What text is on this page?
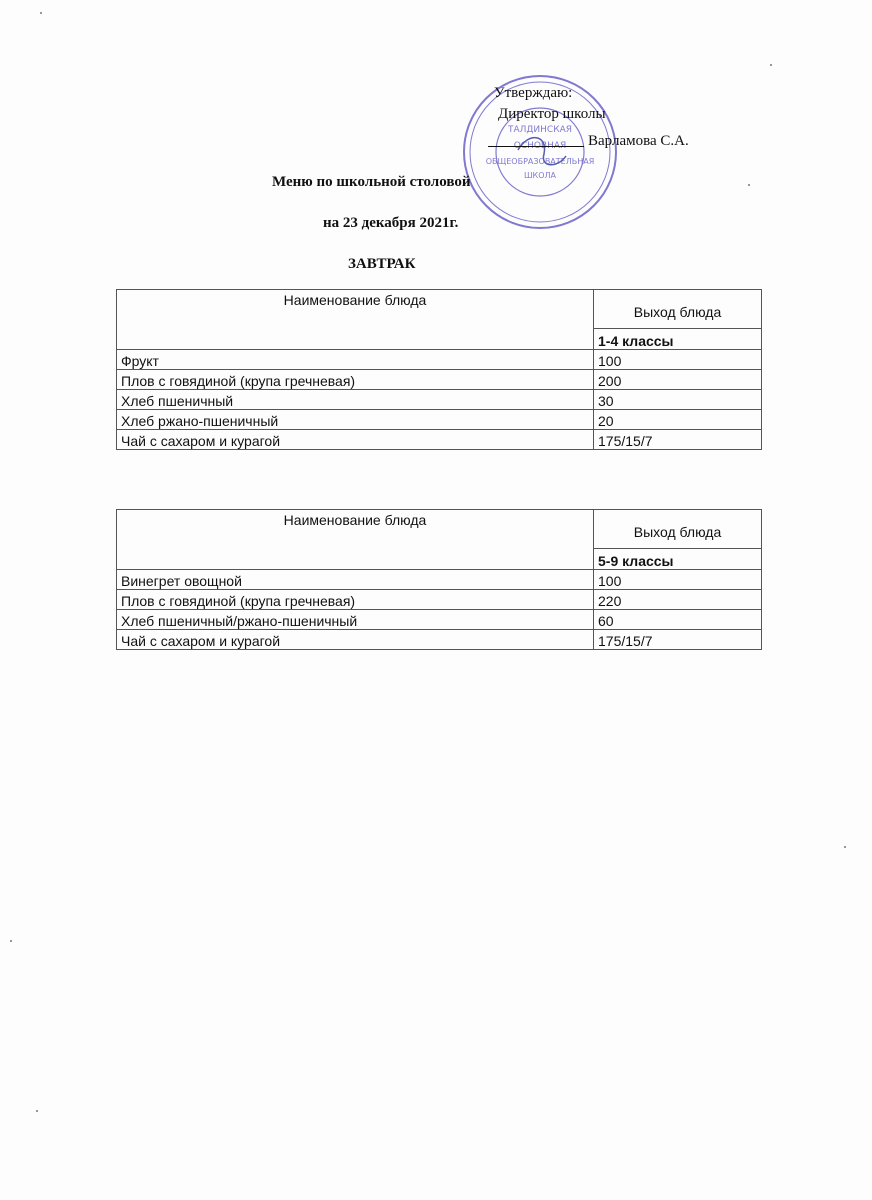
ТАЛДИНСКАЯ
ОСНОВНАЯ
ОБЩЕОБРАЗОВАТЕЛЬНАЯ
ШКОЛА
Утверждаю:
Директор школы
Варламова С.А.
Меню по школьной столовой
на 23 декабря 2021г.
ЗАВТРАК
Наименование блюда	Выход блюда
	1-4 классы
Фрукт	100
Плов с говядиной (крупа гречневая)	200
Хлеб пшеничный	30
Хлеб ржано-пшеничный	20
Чай с сахаром и курагой	175/15/7
Наименование блюда	Выход блюда
	5-9 классы
Винегрет овощной	100
Плов с говядиной (крупа гречневая)	220
Хлеб пшеничный/ржано-пшеничный	60
Чай с сахаром и курагой	175/15/7
